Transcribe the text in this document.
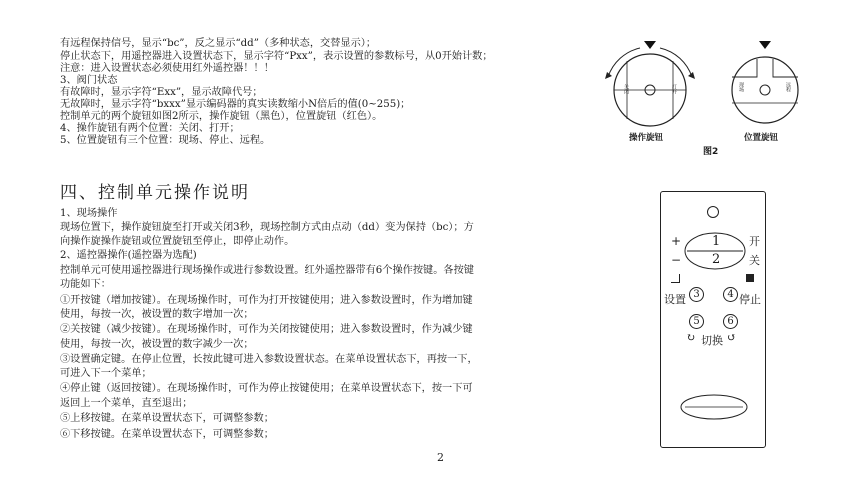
有远程保持信号，显示“bc”，反之显示“dd”（多种状态，交替显示）；
停止状态下，用遥控器进入设置状态下，显示字符“Pxx”，表示设置的参数标号，从0开始计数；
注意：进入设置状态必须使用红外遥控器！！！
3、阀门状态
有故障时，显示字符“Exx”，显示故障代号；
无故障时，显示字符“bxxx”显示编码器的真实读数缩小N倍后的值(0~255)；
控制单元的两个旋钮如图2所示，操作旋钮（黑色），位置旋钮（红色）。
4、操作旋钮有两个位置：关闭、打开；
5、位置旋钮有三个位置：现场、停止、远程。
关闭	打开	现场	远程
操作旋钮	位置旋钮
图2
四、控制单元操作说明
1、现场操作
现场位置下，操作旋钮旋至打开或关闭3秒，现场控制方式由点动（dd）变为保持（bc）；方
向操作旋操作旋钮或位置旋钮至停止，即停止动作。
2、遥控器操作(遥控器为选配)
控制单元可使用遥控器进行现场操作或进行参数设置。红外遥控器带有6个操作按键。各按键
功能如下：
①开按键（增加按键）。在现场操作时，可作为打开按键使用；进入参数设置时，作为增加键
使用，每按一次，被设置的数字增加一次；
②关按键（减少按键）。在现场操作时，可作为关闭按键使用；进入参数设置时，作为减少键
使用，每按一次，被设置的数字减少一次；
③设置确定键。在停止位置，长按此键可进入参数设置状态。在菜单设置状态下，再按一下，
可进入下一个菜单；
④停止键（返回按键）。在现场操作时，可作为停止按键使用；在菜单设置状态下，按一下可
返回上一个菜单，直至退出；
⑤上移按键。在菜单设置状态下，可调整参数；
⑥下移按键。在菜单设置状态下，可调整参数；
+
−
1
2
开
关
设置 3	4 停止
5	6
↻ 切换 ↺
2
